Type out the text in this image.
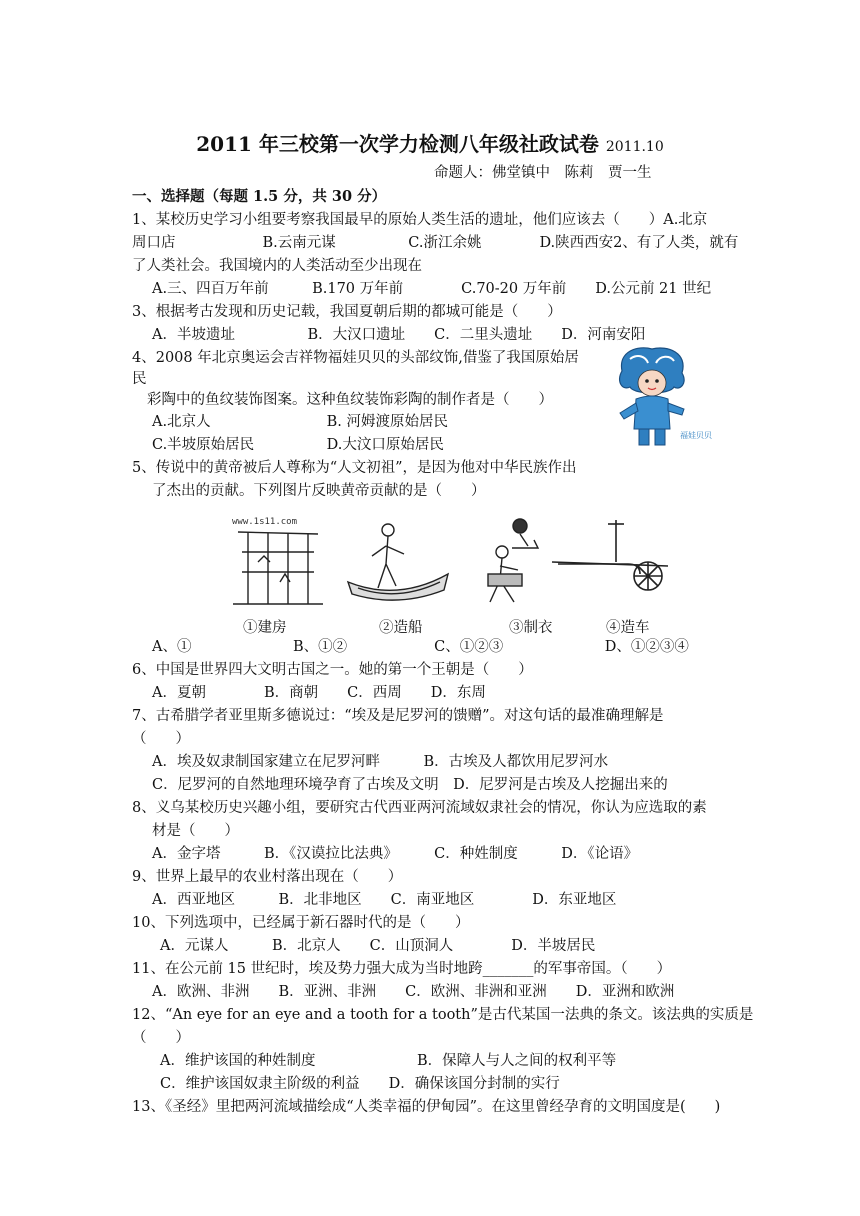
2011 年三校第一次学力检测八年级社政试卷 2011.10
命题人：佛堂镇中　陈莉　贾一生
一、选择题（每题 1.5 分，共 30 分）
1、某校历史学习小组要考察我国最早的原始人类生活的遗址，他们应该去（　　）A.北京
周口店　　　　　　B.云南元谋　　　　　C.浙江余姚　　　　D.陕西西安2、有了人类，就有
了人类社会。我国境内的人类活动至少出现在
A.三、四百万年前　　　B.170 万年前　　　　C.70-20 万年前　　D.公元前 21 世纪
3、根据考古发现和历史记载，我国夏朝后期的都城可能是（　　）
A．半坡遗址　　　　　B．大汉口遗址　　C．二里头遗址　　D．河南安阳
4、2008 年北京奥运会吉祥物福娃贝贝的头部纹饰,借鉴了我国原始居
民
彩陶中的鱼纹装饰图案。这种鱼纹装饰彩陶的制作者是（　　）
A.北京人　　　　　　　　B. 河姆渡原始居民
C.半坡原始居民　　　　　D.大汶口原始居民
福娃贝贝
5、传说中的黄帝被后人尊称为“人文初祖”，是因为他对中华民族作出
了杰出的贡献。下列图片反映黄帝贡献的是（　　）
www.1s11.com
①建房	②造船	③制衣	④造车
A、①　　　　　　　B、①②　　　　　　C、①②③　　　　　　　D、①②③④
6、中国是世界四大文明古国之一。她的第一个王朝是（　　）
A．夏朝　　　　B．商朝　　C．西周　　D．东周
7、古希腊学者亚里斯多德说过：“埃及是尼罗河的馈赠”。对这句话的最准确理解是
（　　）
A．埃及奴隶制国家建立在尼罗河畔　　　B．古埃及人都饮用尼罗河水
C．尼罗河的自然地理环境孕育了古埃及文明　D．尼罗河是古埃及人挖掘出来的
8、义乌某校历史兴趣小组，要研究古代西亚两河流域奴隶社会的情况，你认为应选取的素
材是（　　）
A．金字塔　　　B．《汉谟拉比法典》　　　C．种姓制度　　　D．《论语》
9、世界上最早的农业村落出现在（　　）
A．西亚地区　　　B．北非地区　　C．南亚地区　　　　D．东亚地区
10、下列选项中，已经属于新石器时代的是（　　）
A．元谋人　　　B．北京人　　C．山顶洞人　　　　D．半坡居民
11、在公元前 15 世纪时，埃及势力强大成为当时地跨_______的军事帝国。（　　）
A．欧洲、非洲　　B．亚洲、非洲　　C．欧洲、非洲和亚洲　　D．亚洲和欧洲
12、“An eye for an eye and a tooth for a tooth”是古代某国一法典的条文。该法典的实质是
（　　）
A．维护该国的种姓制度　　　　　　　B．保障人与人之间的权利平等
C．维护该国奴隶主阶级的利益　　D．确保该国分封制的实行
13、《圣经》里把两河流域描绘成“人类幸福的伊甸园”。在这里曾经孕育的文明国度是(　　)
